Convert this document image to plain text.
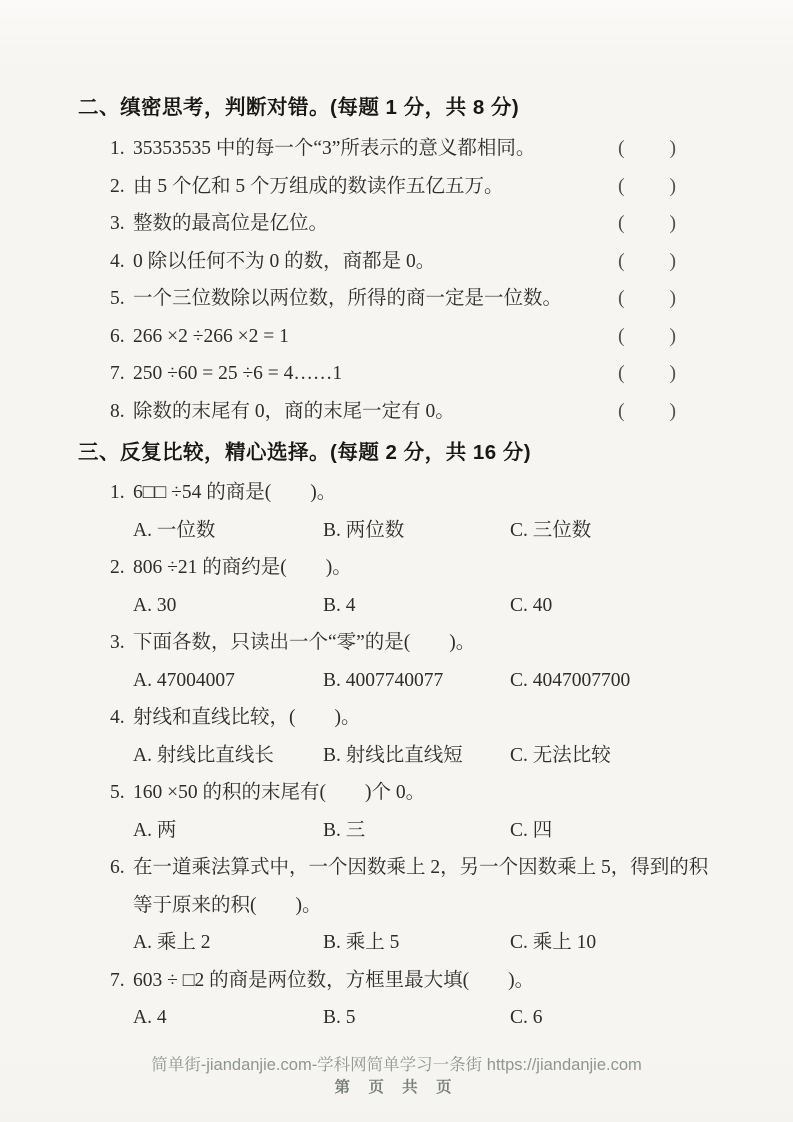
二、缜密思考，判断对错。(每题 1 分，共 8 分)
1. 35353535 中的每一个“3”所表示的意义都相同。	( )
2. 由 5 个亿和 5 个万组成的数读作五亿五万。	( )
3. 整数的最高位是亿位。	( )
4. 0 除以任何不为 0 的数，商都是 0。	( )
5. 一个三位数除以两位数，所得的商一定是一位数。	( )
6. 266 ×2 ÷266 ×2 = 1	( )
7. 250 ÷60 = 25 ÷6 = 4……1	( )
8. 除数的末尾有 0，商的末尾一定有 0。	( )
三、反复比较，精心选择。(每题 2 分，共 16 分)
1. 6□□ ÷54 的商是(　　)。
A. 一位数	B. 两位数	C. 三位数
2. 806 ÷21 的商约是(　　)。
A. 30	B. 4	C. 40
3. 下面各数，只读出一个“零”的是(　　)。
A. 47004007	B. 4007740077	C. 4047007700
4. 射线和直线比较，(　　)。
A. 射线比直线长	B. 射线比直线短	C. 无法比较
5. 160 ×50 的积的末尾有(　　)个 0。
A. 两	B. 三	C. 四
6. 在一道乘法算式中，一个因数乘上 2，另一个因数乘上 5，得到的积等于原来的积(　　)。
A. 乘上 2	B. 乘上 5	C. 乘上 10
7. 603 ÷ □2 的商是两位数，方框里最大填(　　)。
A. 4	B. 5	C. 6
简单街-jiandanjie.com-学科网简单学习一条街 https://jiandanjie.com
第 页 共 页
